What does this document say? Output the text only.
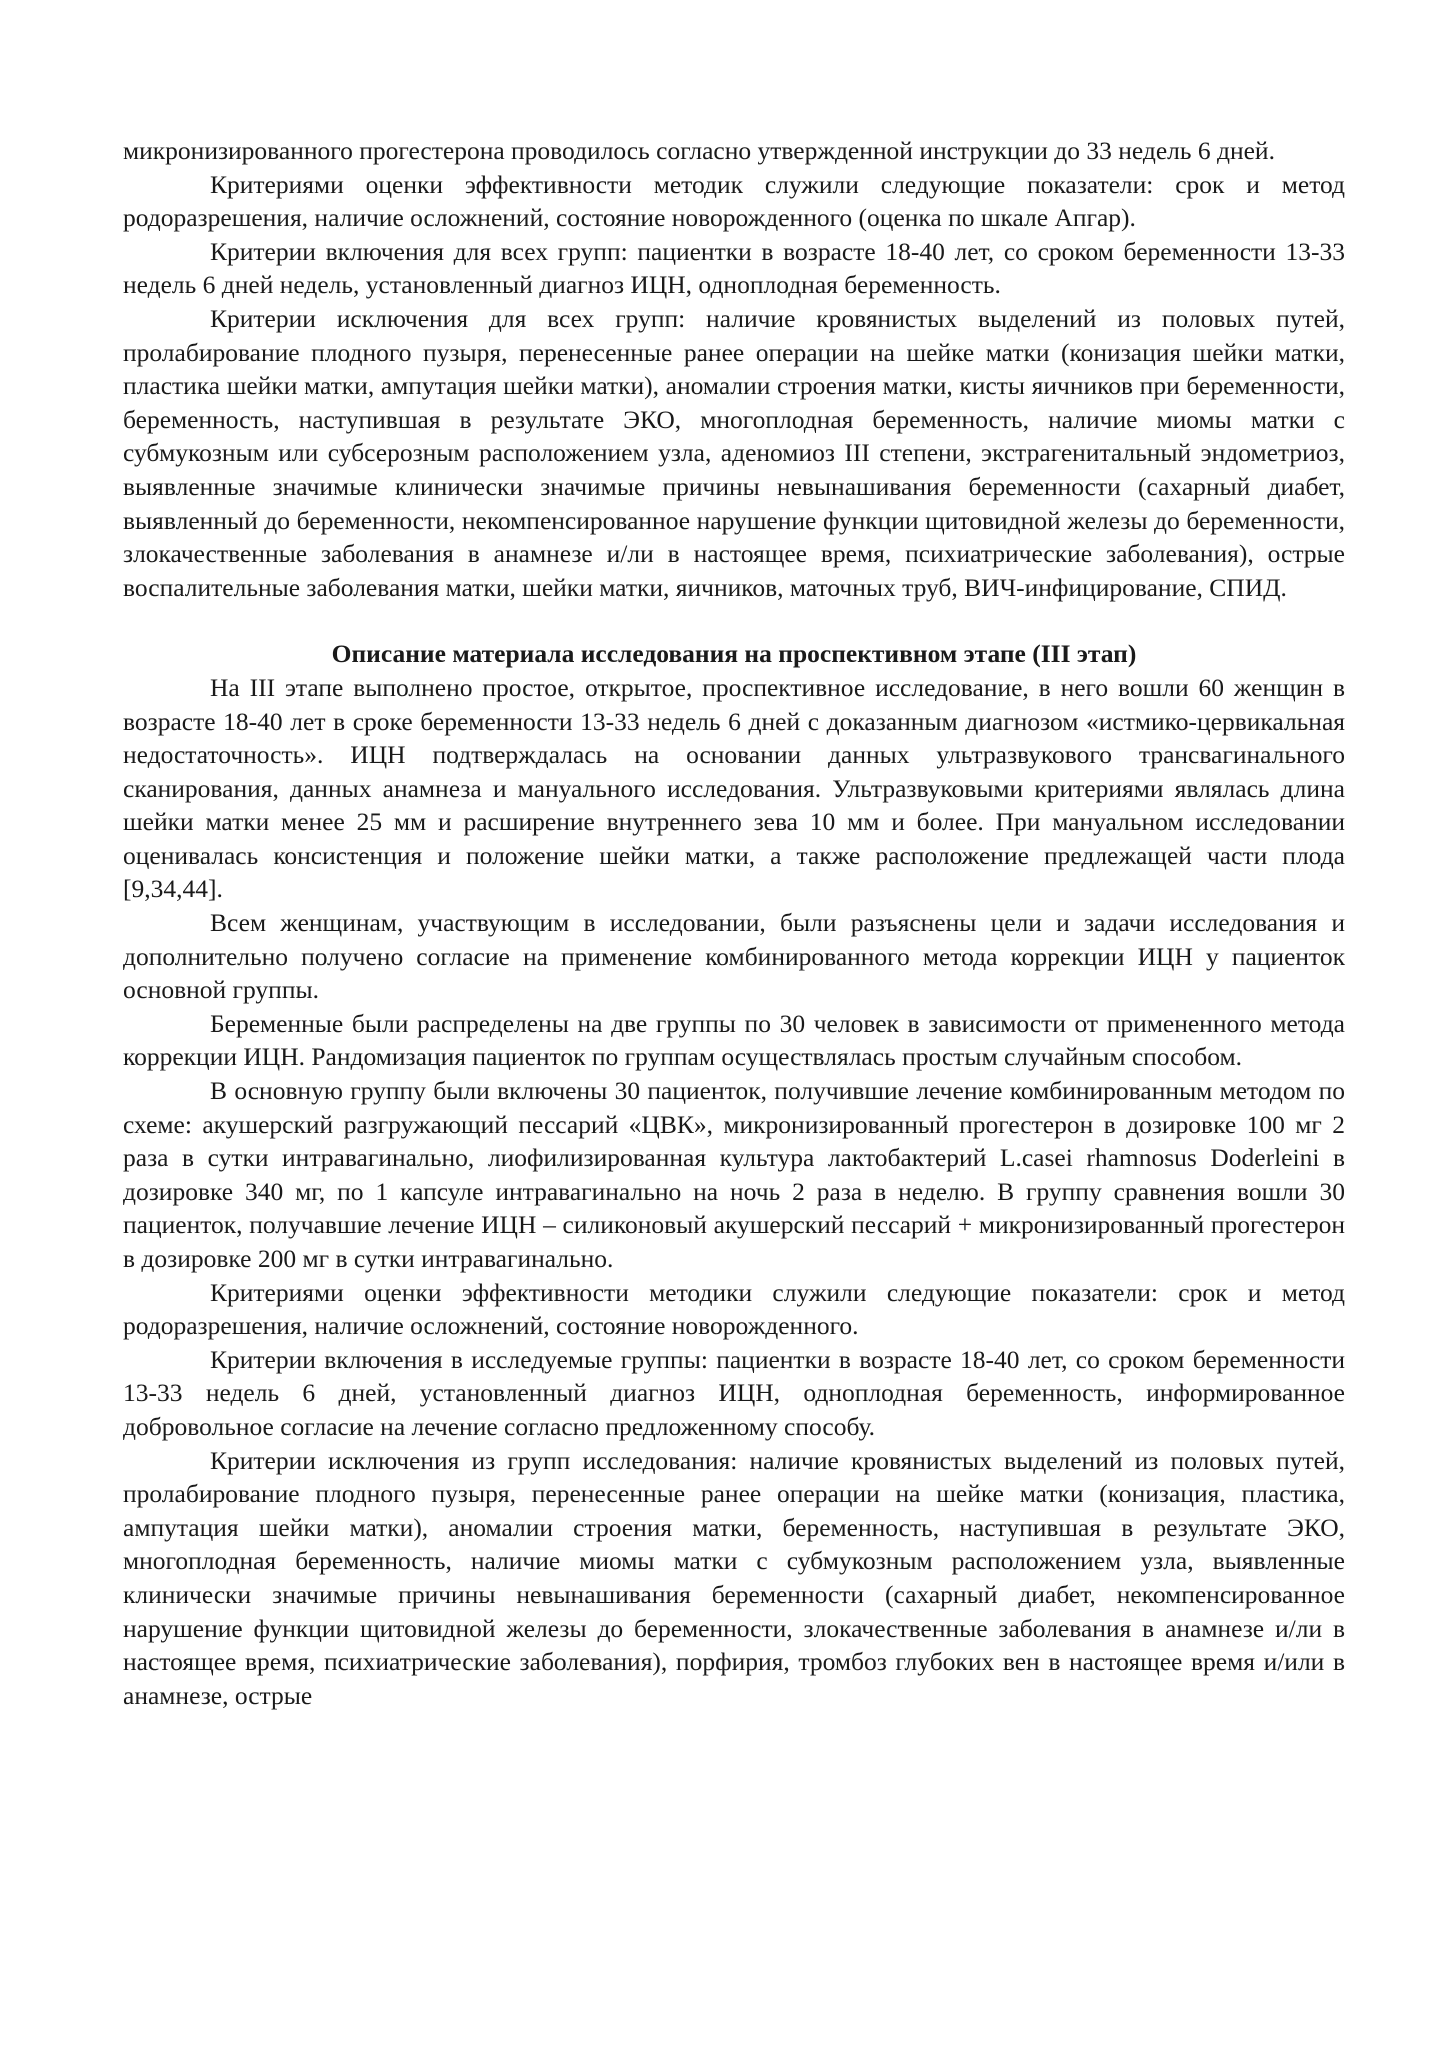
микронизированного прогестерона проводилось согласно утвержденной инструкции до 33 недель 6 дней.

Критериями оценки эффективности методик служили следующие показатели: срок и метод родоразрешения, наличие осложнений, состояние новорожденного (оценка по шкале Апгар).

Критерии включения для всех групп: пациентки в возрасте 18-40 лет, со сроком беременности 13-33 недель 6 дней недель, установленный диагноз ИЦН, одноплодная беременность.

Критерии исключения для всех групп: наличие кровянистых выделений из половых путей, пролабирование плодного пузыря, перенесенные ранее операции на шейке матки (конизация шейки матки, пластика шейки матки, ампутация шейки матки), аномалии строения матки, кисты яичников при беременности, беременность, наступившая в результате ЭКО, многоплодная беременность, наличие миомы матки с субмукозным или субсерозным расположением узла, аденомиоз III степени, экстрагенитальный эндометриоз, выявленные значимые клинически значимые причины невынашивания беременности (сахарный диабет, выявленный до беременности, некомпенсированное нарушение функции щитовидной железы до беременности, злокачественные заболевания в анамнезе и/ли в настоящее время, психиатрические заболевания), острые воспалительные заболевания матки, шейки матки, яичников, маточных труб, ВИЧ-инфицирование, СПИД.

Описание материала исследования на проспективном этапе (III этап)

На III этапе выполнено простое, открытое, проспективное исследование, в него вошли 60 женщин в возрасте 18-40 лет в сроке беременности 13-33 недель 6 дней с доказанным диагнозом «истмико-цервикальная недостаточность». ИЦН подтверждалась на основании данных ультразвукового трансвагинального сканирования, данных анамнеза и мануального исследования. Ультразвуковыми критериями являлась длина шейки матки менее 25 мм и расширение внутреннего зева 10 мм и более. При мануальном исследовании оценивалась консистенция и положение шейки матки, а также расположение предлежащей части плода [9,34,44].

Всем женщинам, участвующим в исследовании, были разъяснены цели и задачи исследования и дополнительно получено согласие на применение комбинированного метода коррекции ИЦН у пациенток основной группы.

Беременные были распределены на две группы по 30 человек в зависимости от примененного метода коррекции ИЦН. Рандомизация пациенток по группам осуществлялась простым случайным способом.

В основную группу были включены 30 пациенток, получившие лечение комбинированным методом по схеме: акушерский разгружающий пессарий «ЦВК», микронизированный прогестерон в дозировке 100 мг 2 раза в сутки интравагинально, лиофилизированная культура лактобактерий L.casei rhamnosus Doderleini в дозировке 340 мг, по 1 капсуле интравагинально на ночь 2 раза в неделю. В группу сравнения вошли 30 пациенток, получавшие лечение ИЦН – силиконовый акушерский пессарий + микронизированный прогестерон в дозировке 200 мг в сутки интравагинально.

Критериями оценки эффективности методики служили следующие показатели: срок и метод родоразрешения, наличие осложнений, состояние новорожденного.

Критерии включения в исследуемые группы: пациентки в возрасте 18-40 лет, со сроком беременности 13-33 недель 6 дней, установленный диагноз ИЦН, одноплодная беременность, информированное добровольное согласие на лечение согласно предложенному способу.

Критерии исключения из групп исследования: наличие кровянистых выделений из половых путей, пролабирование плодного пузыря, перенесенные ранее операции на шейке матки (конизация, пластика, ампутация шейки матки), аномалии строения матки, беременность, наступившая в результате ЭКО, многоплодная беременность, наличие миомы матки с субмукозным расположением узла, выявленные клинически значимые причины невынашивания беременности (сахарный диабет, некомпенсированное нарушение функции щитовидной железы до беременности, злокачественные заболевания в анамнезе и/ли в настоящее время, психиатрические заболевания), порфирия, тромбоз глубоких вен в настоящее время и/или в анамнезе, острые
